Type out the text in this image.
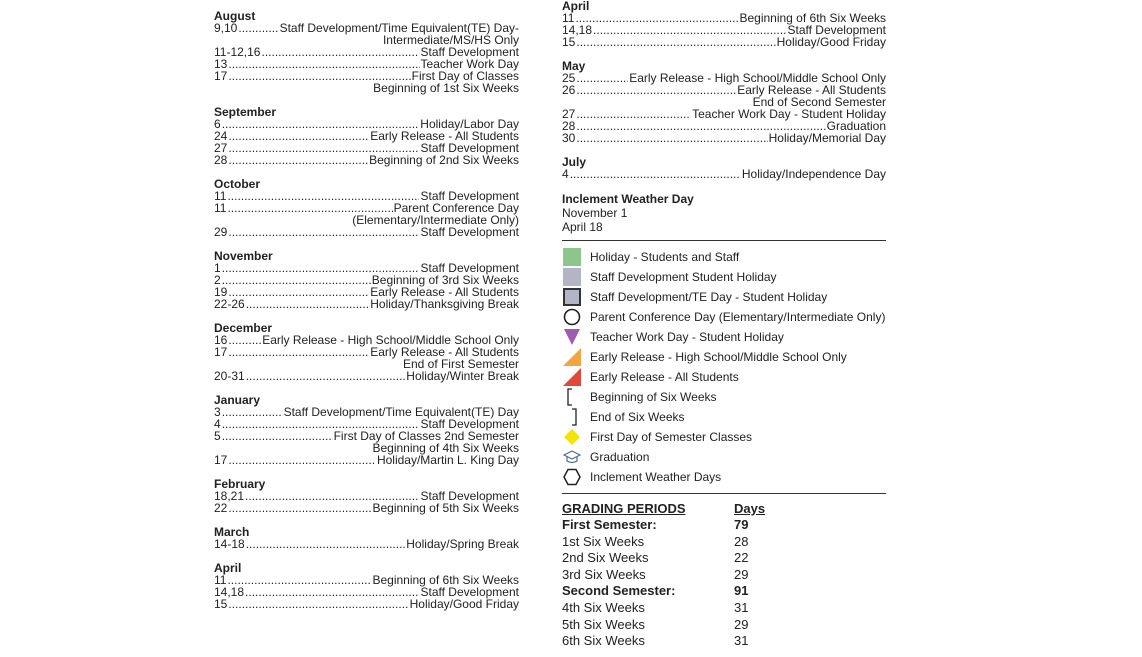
August
9,10 .....	Staff Development/Time Equivalent(TE) Day-
Intermediate/MS/HS Only
11-12,16 .....	Staff Development
13 .....	Teacher Work Day
17 .....	First Day of Classes
Beginning of 1st Six Weeks
September
6 .....	Holiday/Labor Day
24 .....	Early Release - All Students
27 .....	Staff Development
28 .....	Beginning of 2nd Six Weeks
October
11 .....	Staff Development
11 .....	Parent Conference Day
(Elementary/Intermediate Only)
29 .....	Staff Development
November
1 .....	Staff Development
2 .....	Beginning of 3rd Six Weeks
19 .....	Early Release - All Students
22-26 .....	Holiday/Thanksgiving Break
December
16 .....	Early Release - High School/Middle School Only
17 .....	Early Release - All Students
End of First Semester
20-31 .....	Holiday/Winter Break
January
3 .....	Staff Development/Time Equivalent(TE) Day
4 .....	Staff Development
5 .....	First Day of Classes 2nd Semester
Beginning of 4th Six Weeks
17 .....	Holiday/Martin L. King Day
February
18,21 .....	Staff Development
22 .....	Beginning of 5th Six Weeks
March
14-18 .....	Holiday/Spring Break
April
11 .....	Beginning of 6th Six Weeks
14,18 .....	Staff Development
15 .....	Holiday/Good Friday
April
11 .....	Beginning of 6th Six Weeks
14,18 .....	Staff Development
15 .....	Holiday/Good Friday
May
25 .....	Early Release - High School/Middle School Only
26 .....	Early Release - All Students
End of Second Semester
27 .....	Teacher Work Day - Student Holiday
28 .....	Graduation
30 .....	Holiday/Memorial Day
July
4 .....	Holiday/Independence Day
Inclement Weather Day
November 1
April 18
Holiday - Students and Staff
Staff Development Student Holiday
Staff Development/TE Day - Student Holiday
Parent Conference Day (Elementary/Intermediate Only)
Teacher Work Day - Student Holiday
Early Release - High School/Middle School Only
Early Release - All Students
Beginning of Six Weeks
End of Six Weeks
First Day of Semester Classes
Graduation
Inclement Weather Days
GRADING PERIODS	Days
First Semester:	79
1st Six Weeks	28
2nd Six Weeks	22
3rd Six Weeks	29
Second Semester:	91
4th Six Weeks	31
5th Six Weeks	29
6th Six Weeks	31
